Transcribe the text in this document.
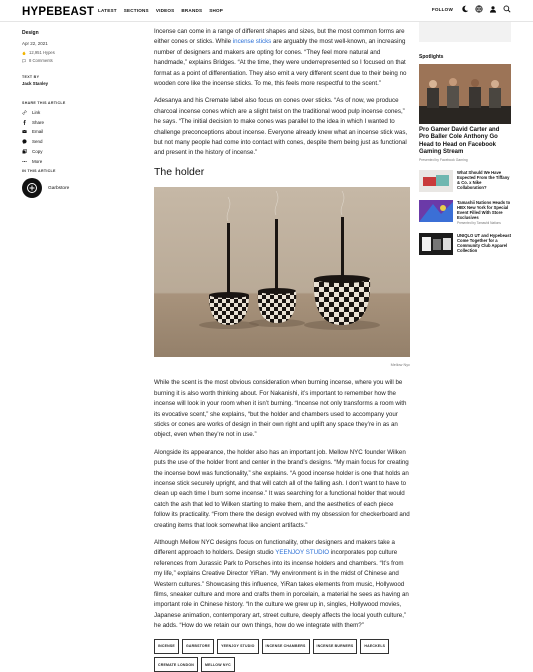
HYPEBEAST LATEST SECTIONS VIDEOS BRANDS SHOP	FOLLOW
Design
Apr 22, 2021
12,951 Hypes
8 Comments
TEXT BY
Jack Stanley
SHARE THIS ARTICLE
Link
Share
Email
Send
Copy
More
IN THIS ARTICLE
Garbstore

Incense can come in a range of different shapes and sizes, but the most common forms are either cones or sticks. While incense sticks are arguably the most well-known, an increasing number of designers and makers are opting for cones. “They feel more natural and handmade,” explains Bridges. “At the time, they were underrepresented so I focused on that format as a point of differentiation. They also emit a very different scent due to their being no wooden core like the incense sticks. To me, this feels more respectful to the scent.”

Adesanya and his Cremate label also focus on cones over sticks. “As of now, we produce charcoal incense cones which are a slight twist on the traditional wood pulp incense cones,” he says. “The initial decision to make cones was parallel to the idea in which I wanted to challenge preconceptions about incense. Everyone already knew what an incense stick was, but not many people had come into contact with cones, despite them being just as functional and present in the history of incense.”

The holder
Mellow Nyc

While the scent is the most obvious consideration when burning incense, where you will be burning it is also worth thinking about. For Nakanishi, it’s important to remember how the incense will look in your room when it isn’t burning. “Incense not only transforms a room with its evocative scent,” she explains, “but the holder and chambers used to accompany your sticks or cones are works of design in their own right and uplift any space they’re in as an object, even when they’re not in use.”

Alongside its appearance, the holder also has an important job. Mellow NYC founder Wilken puts the use of the holder front and center in the brand’s designs. “My main focus for creating the incense bowl was functionality,” she explains. “A good incense holder is one that holds an incense stick securely upright, and that will catch all of the falling ash. I don’t want to have to clean up each time I burn some incense.” It was searching for a functional holder that would catch the ash that led to Wilken starting to make them, and the aesthetics of each piece follow its practicality. “From there the design evolved with my obsession for checkerboard and creating items that look somewhat like ancient artifacts.”

Although Mellow NYC designs focus on functionality, other designers and makers take a different approach to holders. Design studio YEENJOY STUDIO incorporates pop culture references from Jurassic Park to Porsches into its incense holders and chambers. “It’s from my life,” explains Creative Director YiRan. “My environment is in the midst of Chinese and Western cultures.” Showcasing this influence, YiRan takes elements from music, Hollywood films, sneaker culture and more and crafts them in porcelain, a material he sees as having an important role in Chinese history. “In the culture we grew up in, singles, Hollywood movies, Japanese animation, contemporary art, street culture, deeply affects the local youth culture,” he adds. “How do we retain our own things, how do we integrate with them?”

INCENSE	GARBSTORE	YEENJOY STUDIO	INCENSE CHAMBERS	INCENSE BURNERS	HAECKELS
CREMATE LONDON	MELLOW NYC
Spotlights
Pro Gamer David Carter and Pro Baller Cole Anthony Go Head to Head on Facebook Gaming Stream
Presented by Facebook Gaming
What Should We Have Expected From the Tiffany & Co. x Nike Collaboration?
Tamashii Nations Heads to HBX New York for Special Event Filled With Store Exclusives
Presented by Tamashii Nations
UNIQLO UT and Hypebeast Come Together for a Community Club Apparel Collection
